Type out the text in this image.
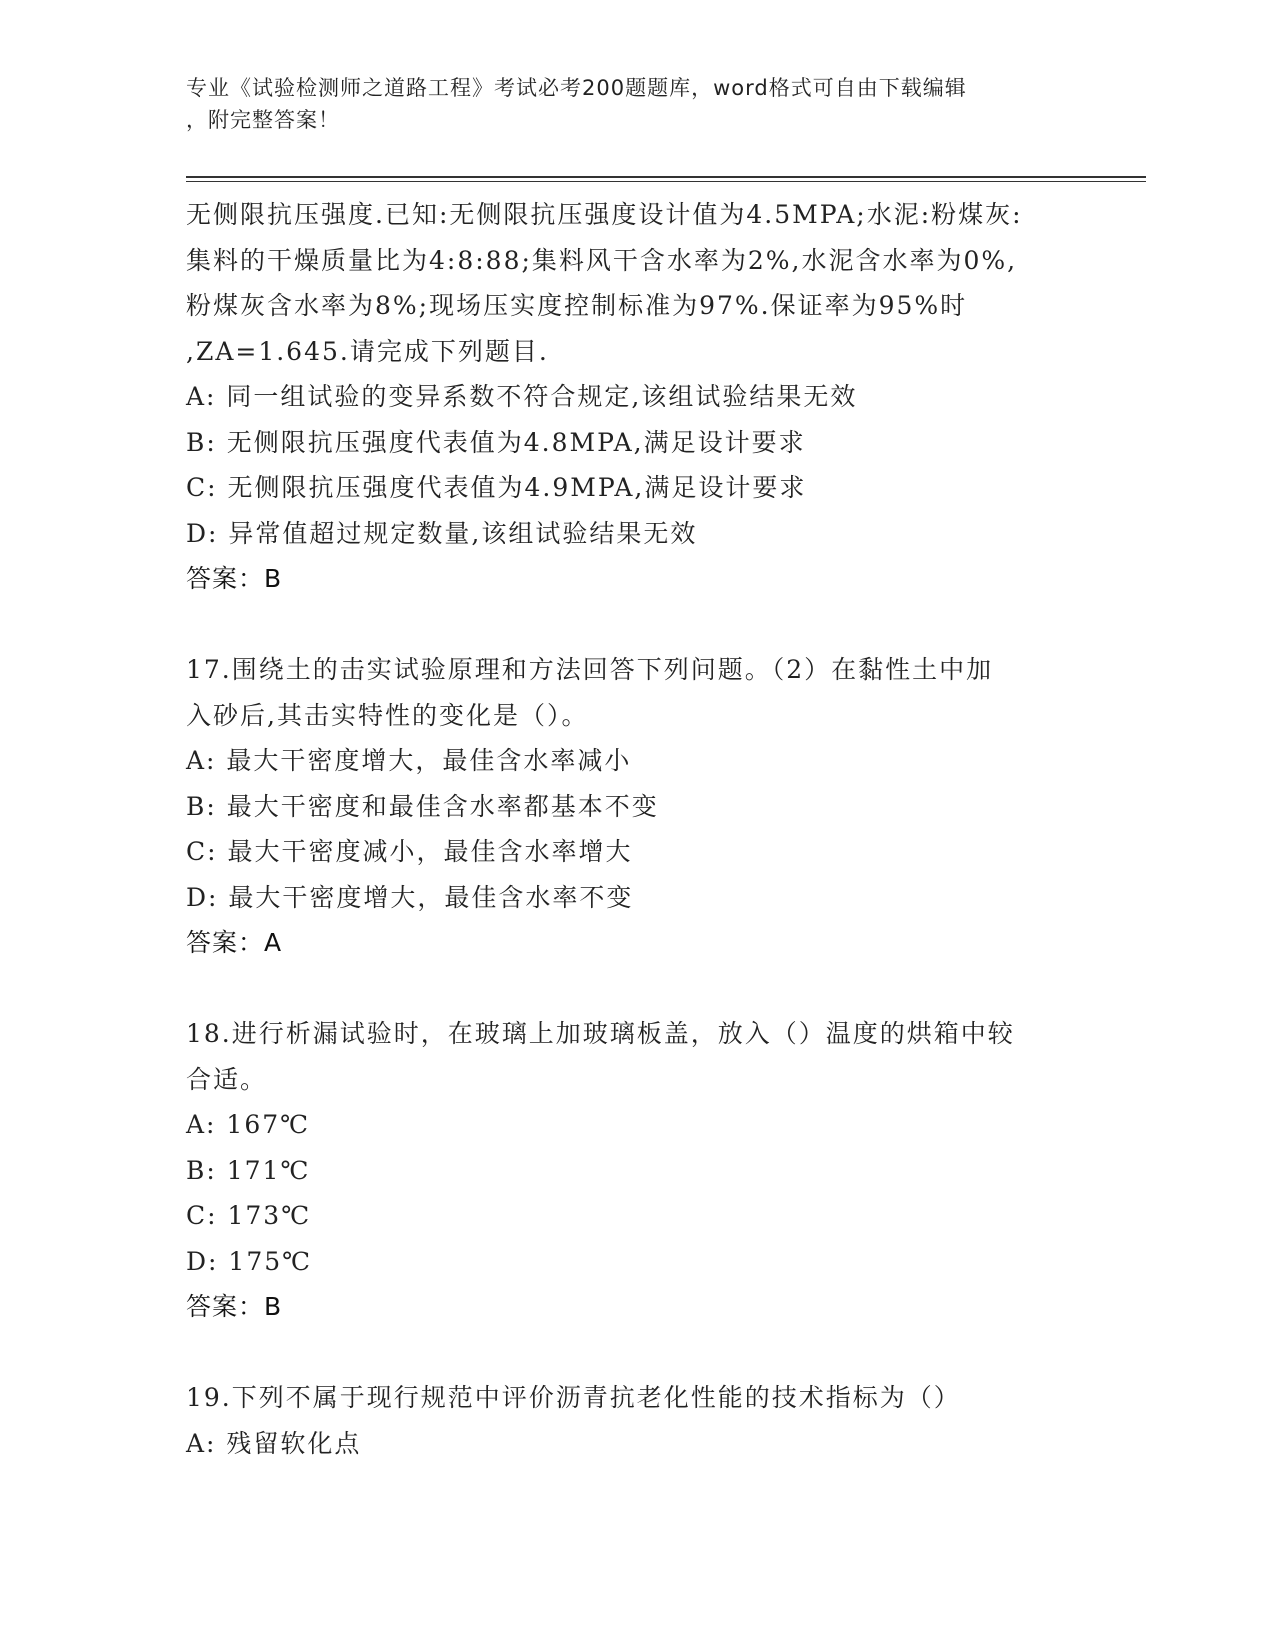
专业《试验检测师之道路工程》考试必考200题题库，word格式可自由下载编辑
，附完整答案！
无侧限抗压强度.已知:无侧限抗压强度设计值为4.5MPA;水泥:粉煤灰:
集料的干燥质量比为4:8:88;集料风干含水率为2%,水泥含水率为0%,
粉煤灰含水率为8%;现场压实度控制标准为97%.保证率为95%时
,ZA=1.645.请完成下列题目.
A: 同一组试验的变异系数不符合规定,该组试验结果无效
B: 无侧限抗压强度代表值为4.8MPA,满足设计要求
C: 无侧限抗压强度代表值为4.9MPA,满足设计要求
D: 异常值超过规定数量,该组试验结果无效
答案：B
17.围绕土的击实试验原理和方法回答下列问题。（2）在黏性土中加
入砂后,其击实特性的变化是（）。
A: 最大干密度增大，最佳含水率减小
B: 最大干密度和最佳含水率都基本不变
C: 最大干密度减小，最佳含水率增大
D: 最大干密度增大，最佳含水率不变
答案：A
18.进行析漏试验时，在玻璃上加玻璃板盖，放入（）温度的烘箱中较
合适。
A: 167℃
B: 171℃
C: 173℃
D: 175℃
答案：B
19.下列不属于现行规范中评价沥青抗老化性能的技术指标为（）
A: 残留软化点
